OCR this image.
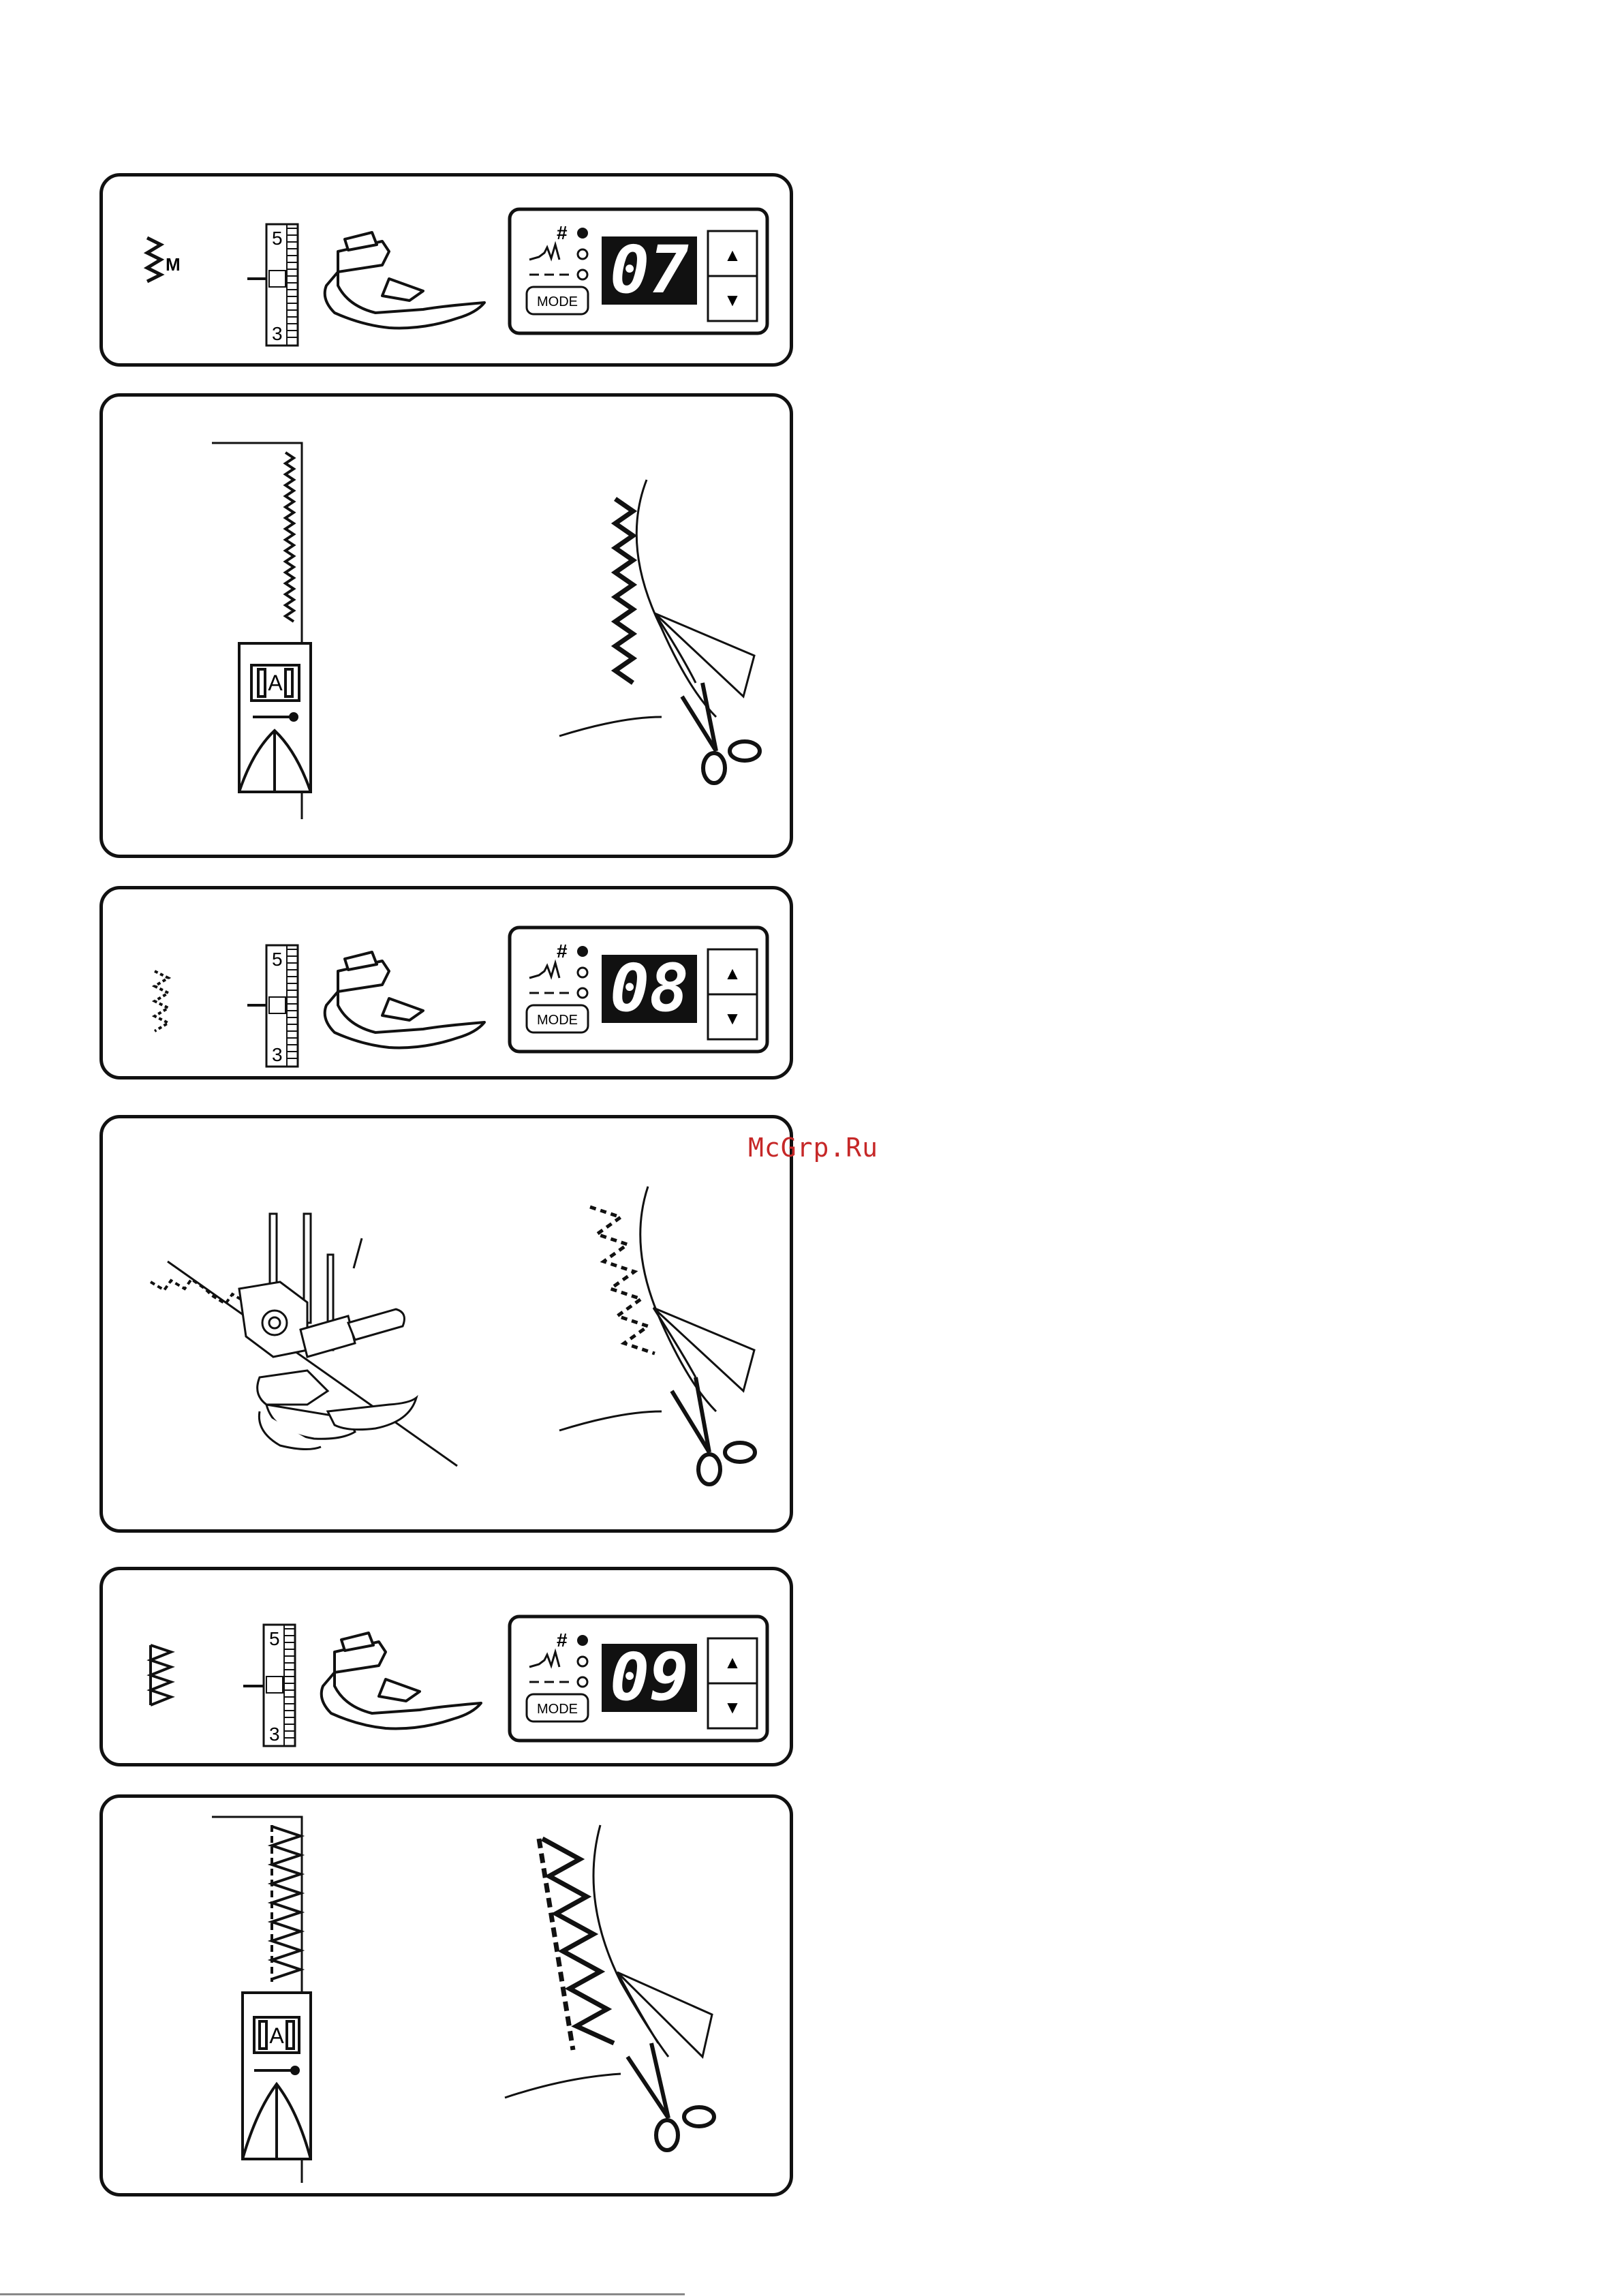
M
5
3
#
MODE 07 ▲
▼
A
5
3
#
MODE 08 ▲
▼
5
3
#
MODE 09 ▲
▼
A
McGrp.Ru
